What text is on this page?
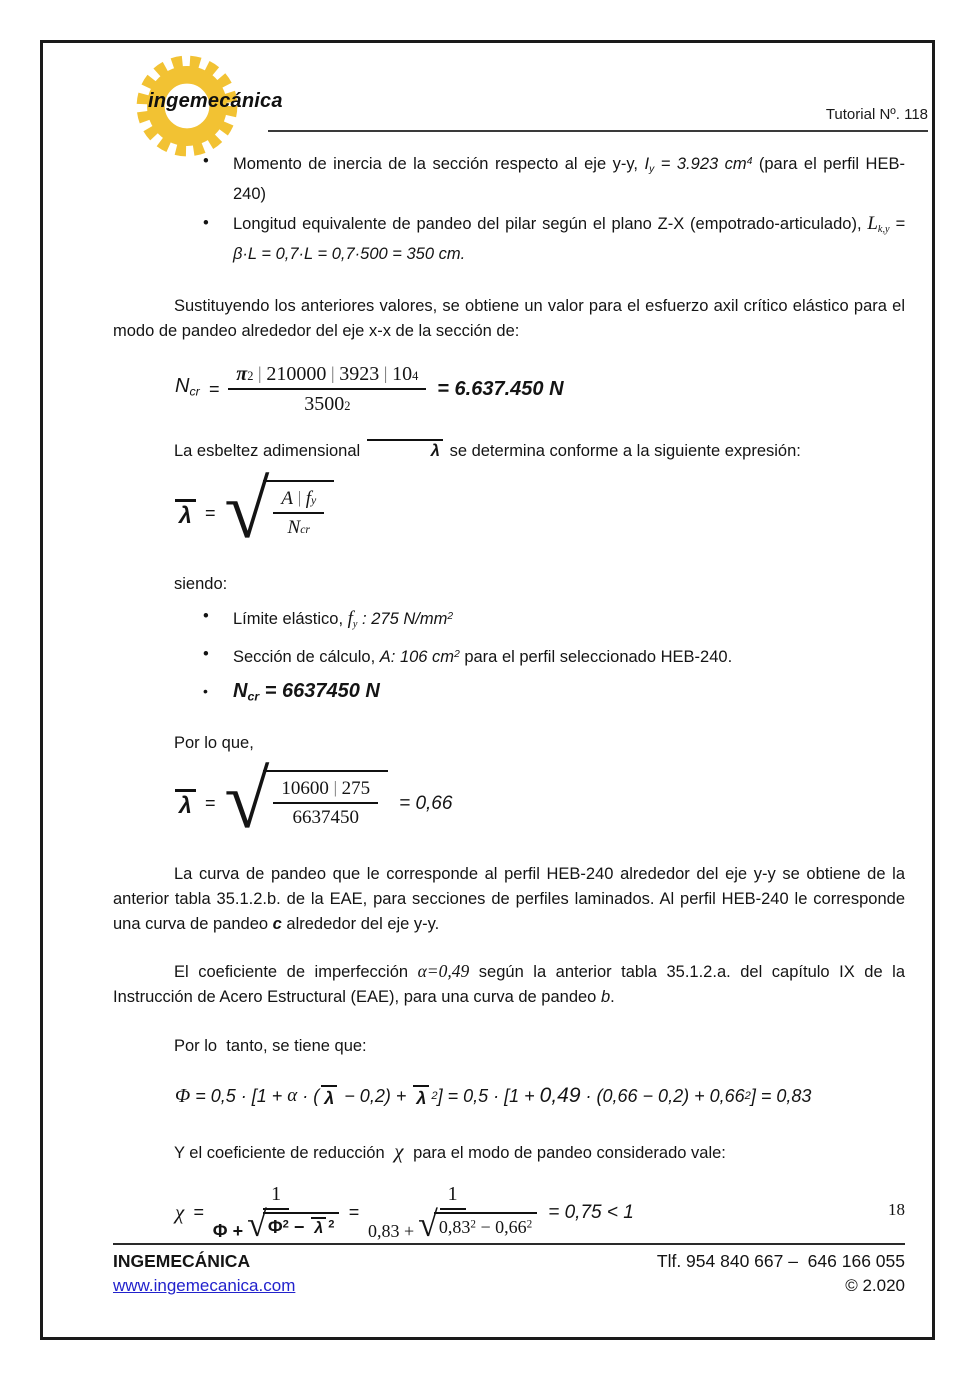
ingemecánica
Tutorial Nº. 118
•	Momento de inercia de la sección respecto al eje y-y, $I_y = 3.923$ $cm^4$ (para el perfil HEB-240)
•	Longitud equivalente de pandeo del pilar según el plano Z-X (empotrado-articulado), $L_{k,y} = \beta\cdot L = 0,7\cdot L = 0,7\cdot 500 = 350$ cm.

Sustituyendo los anteriores valores, se obtiene un valor para el esfuerzo axil crítico elástico para el modo de pandeo alrededor del eje x-x de la sección de:

$N_{cr} = \frac{\pi 2 | 210000 | 3923 | 10 4}{3500 2} = 6.637.450$ N

La esbeltez adimensional	λ se determina conforme a la siguiente expresión:

λ = √ $\frac{\text{A | f y}}{\text{N cr}}$

siendo:

•	Límite elástico, $f_y$ : 275 $N/mm^2$
•	Sección de cálculo, A: 106 $cm^2$ para el perfil seleccionado HEB-240.
•	$N_{cr} = 6637450$ N

Por lo que,

λ = √ $\frac{10600 | 275}{6637450} = 0,66$

La curva de pandeo que le corresponde al perfil HEB-240 alrededor del eje y-y se obtiene de la anterior tabla 35.1.2.b. de la EAE, para secciones de perfiles laminados. Al perfil HEB-240 le corresponde una curva de pandeo c alrededor del eje y-y.

El coeficiente de imperfección α=0,49 según la anterior tabla 35.1.2.a. del capítulo IX de la Instrucción de Acero Estructural (EAE), para una curva de pandeo b.

Por lo  tanto, se tiene que:

Φ = 0,5 · [1 + α · ( λ − 0,2) + λ 2 ] = 0,5 · [1 + 0,49 · (0,66 − 0,2) + 0,66 2 ] = 0,83

Y el coeficiente de reducción χ para el modo de pandeo considerado vale:

χ = 1
Φ
+ √ $\Phi^2 - \lambda$ $^2$ = 1
0,83
+ √ $0,83^2 - 0,66^2 = 0,75 < 1$	18
INGEMECÁNICA
www.ingemecanica.com
Tlf. 954 840 667 –  646 166 055
© 2.020
